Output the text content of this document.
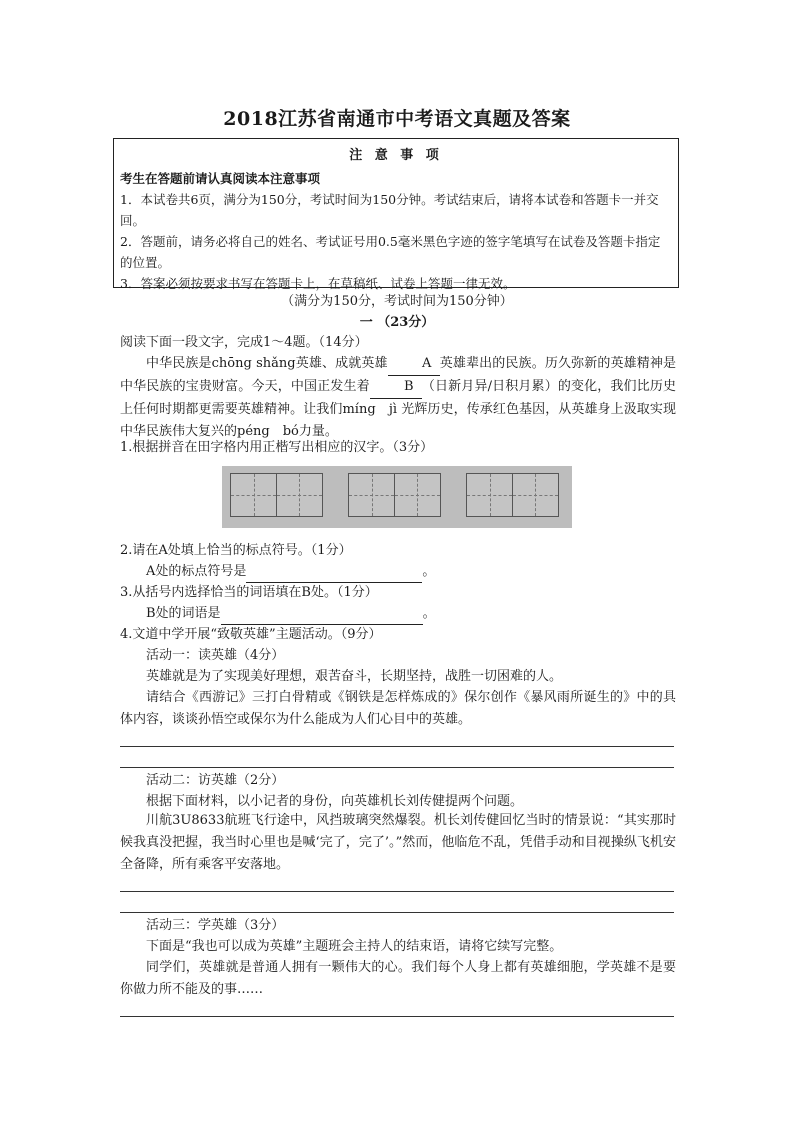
2018江苏省南通市中考语文真题及答案
注 意 事 项
考生在答题前请认真阅读本注意事项
1．本试卷共6页，满分为150分，考试时间为150分钟。考试结束后，请将本试卷和答题卡一并交回。
2．答题前，请务必将自己的姓名、考试证号用0.5毫米黑色字迹的签字笔填写在试卷及答题卡指定的位置。
3．答案必须按要求书写在答题卡上，在草稿纸、试卷上答题一律无效。
（满分为150分，考试时间为150分钟）
一 （23分）
阅读下面一段文字，完成1～4题。（14分）
中华民族是chōng shǎng英雄、成就英雄	A 英雄辈出的民族。历久弥新的英雄精神是中华民族的宝贵财富。今天，中国正发生着	B （日新月异/日积月累）的变化，我们比历史上任何时期都更需要英雄精神。让我们míng　jì 光辉历史，传承红色基因，从英雄身上汲取实现中华民族伟大复兴的péng　bó力量。
1.根据拼音在田字格内用正楷写出相应的汉字。（3分）
2.请在A处填上恰当的标点符号。（1分）
A处的标点符号是	。
3.从括号内选择恰当的词语填在B处。（1分）
B处的词语是	。
4.文道中学开展“致敬英雄”主题活动。（9分）
活动一：读英雄（4分）
英雄就是为了实现美好理想，艰苦奋斗，长期坚持，战胜一切困难的人。
请结合《西游记》三打白骨精或《钢铁是怎样炼成的》保尔创作《暴风雨所诞生的》中的具体内容，谈谈孙悟空或保尔为什么能成为人们心目中的英雄。
活动二：访英雄（2分）
根据下面材料，以小记者的身份，向英雄机长刘传健提两个问题。
川航3U8633航班飞行途中，风挡玻璃突然爆裂。机长刘传健回忆当时的情景说：“其实那时候我真没把握，我当时心里也是喊‘完了，完了’。”然而，他临危不乱，凭借手动和目视操纵飞机安全备降，所有乘客平安落地。
活动三：学英雄（3分）
下面是“我也可以成为英雄”主题班会主持人的结束语，请将它续写完整。
同学们，英雄就是普通人拥有一颗伟大的心。我们每个人身上都有英雄细胞，学英雄不是要你做力所不能及的事……
